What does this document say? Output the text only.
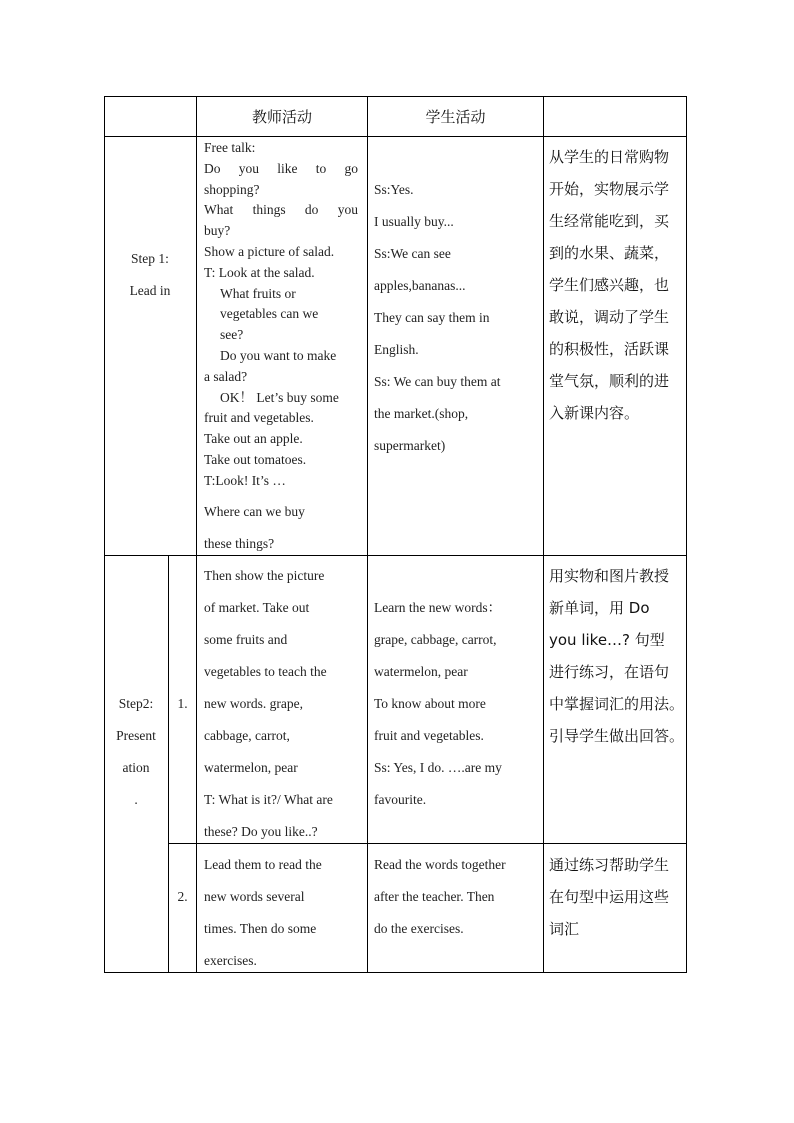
教师活动	学生活动
Step 1:
Lead in
Free talk:
Do you like to go
shopping?
What things do you
buy?
Show a picture of salad.
T: Look at the salad.
What fruits or
vegetables can we
see?
Do you want to make
a salad?
OK！ Let’s buy some
fruit and vegetables.
Take out an apple.
Take out tomatoes.
T:Look! It’s …
Where can we buy
these things?
Ss:Yes.
I usually buy...
Ss:We can see
apples,bananas...
They can say them in
English.
Ss: We can buy them at
the market.(shop,
supermarket)
从学生的日常购物
开始，实物展示学
生经常能吃到，买
到的水果、蔬菜，
学生们感兴趣，也
敢说，调动了学生
的积极性，活跃课
堂气氛，顺利的进
入新课内容。
Step2:
Present
ation
.
1.
Then show the picture
of market. Take out
some fruits and
vegetables to teach the
new words. grape,
cabbage, carrot,
watermelon, pear
T: What is it?/ What are
these? Do you like..?
Learn the new words：
grape, cabbage, carrot,
watermelon, pear
To know about more
fruit and vegetables.
Ss: Yes, I do. ….are my
favourite.
用实物和图片教授
新单词，用 Do
you like…? 句型
进行练习，在语句
中掌握词汇的用法。
引导学生做出回答。
2.
Lead them to read the
new words several
times. Then do some
exercises.
Read the words together
after the teacher. Then
do the exercises.
通过练习帮助学生
在句型中运用这些
词汇
